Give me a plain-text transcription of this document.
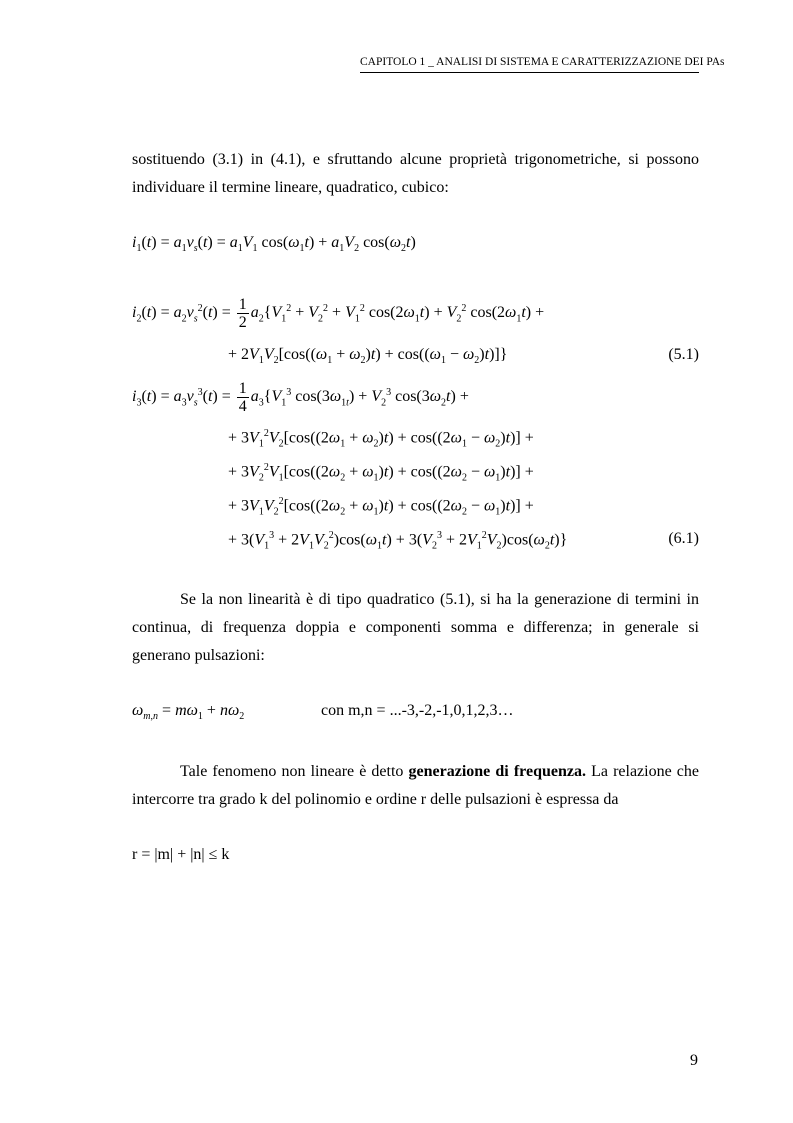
CAPITOLO 1 _ ANALISI DI SISTEMA E CARATTERIZZAZIONE DEI PAs
sostituendo (3.1) in (4.1), e sfruttando alcune proprietà trigonometriche, si possono
individuare il termine lineare, quadratico, cubico:
$i_1(t) = a_1v_s(t) = a_1V_1$ $\cos(\omega_1t) + a_1V_2$ $\cos(\omega_2t)$
$i_2(t) = a_2v_s^2(t) = \frac{1}{2} a_2\{V_1^2 + V_2^2 + V_1^2$ $\cos(2\omega_1t) + V_2^2$ $\cos(2\omega_1t)$ +
+ $2V_1V_2[\cos((\omega_1 + \omega_2)t) + \cos((\omega_1 - \omega_2)t)]$}	(5.1)
$i_3(t) = a_3v_s^3(t) = \frac{1}{4} a_3\{V_1^3$ $\cos(3\omega_{1t}) + V_2^3$ $\cos(3\omega_2t)$ +
+ $3V_1^2V_2[\cos((2\omega_1 + \omega_2)t) + \cos((2\omega_1 - \omega_2)t)]$ +
+ $3V_2^2V_1[\cos((2\omega_2 + \omega_1)t) + \cos((2\omega_2 - \omega_1)t)]$ +
+ $3V_1V_2^2[\cos((2\omega_2 + \omega_1)t) + \cos((2\omega_2 - \omega_1)t)]$ +
+ $3(V_1^3 + 2V_1V_2^2)\cos(\omega_1t) + 3(V_2^3 + 2V_1^2V_2)\cos(\omega_2t)$}	(6.1)
Se la non linearità è di tipo quadratico (5.1), si ha la generazione di termini in
continua, di frequenza doppia e componenti somma e differenza; in generale si
generano pulsazioni:
$\omega_{m,n} = m\omega_1 + n\omega_2$	con m,n = ...-3,-2,-1,0,1,2,3…
Tale fenomeno non lineare è detto generazione di frequenza. La relazione che
intercorre tra grado k del polinomio e ordine r delle pulsazioni è espressa da
r = |m| + |n| ≤ k
9
